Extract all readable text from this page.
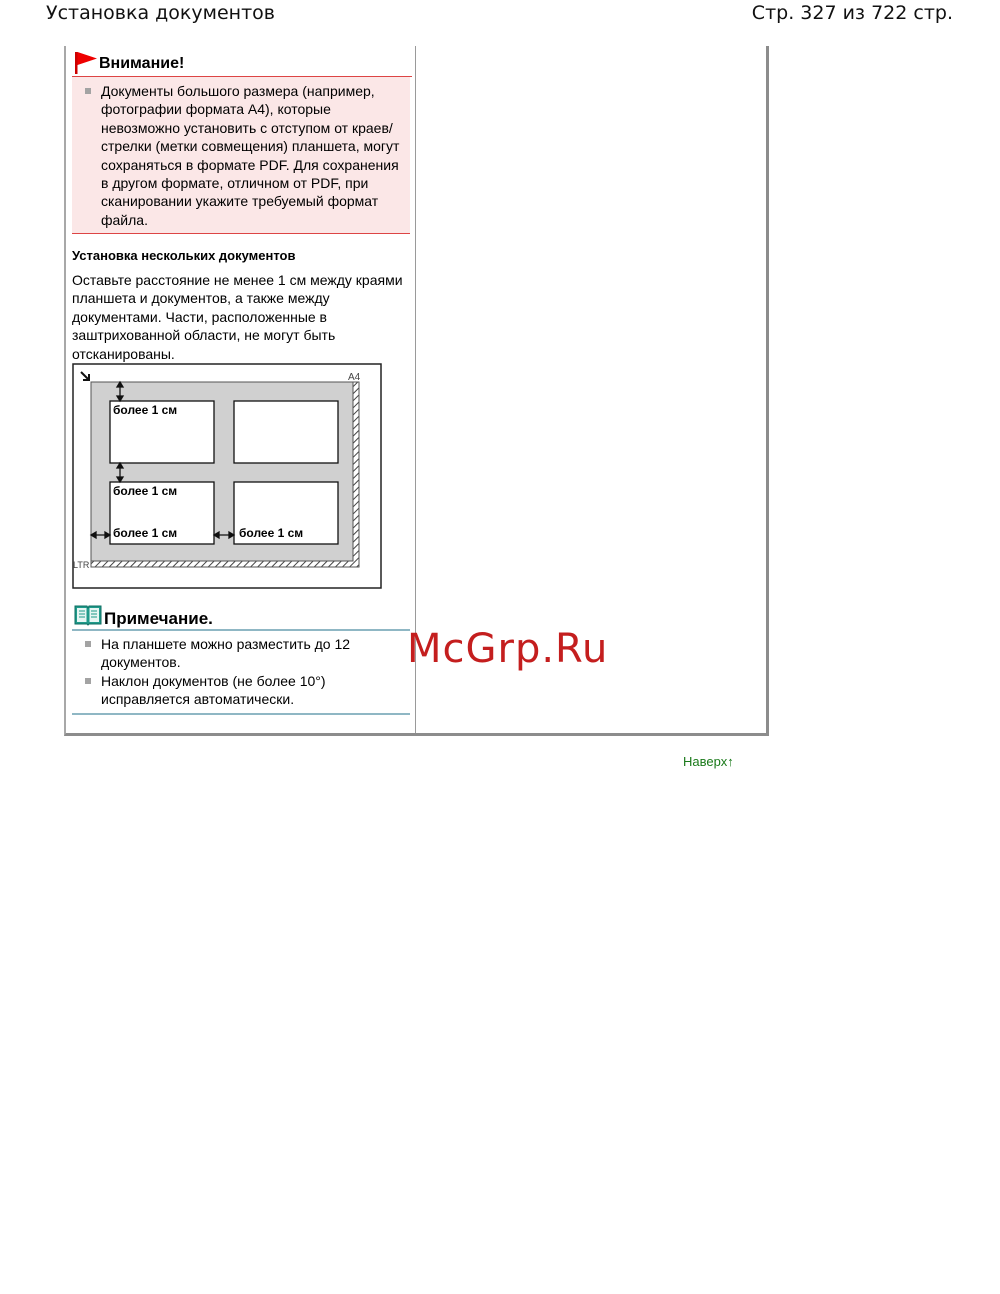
Установка документов	Стр. 327 из 722 стр.
Внимание!
Документы большого размера (например, фотографии формата A4), которые невозможно установить с отступом от краев/стрелки (метки совмещения) планшета, могут сохраняться в формате PDF. Для сохранения в другом формате, отличном от PDF, при сканировании укажите требуемый формат файла.
Установка нескольких документов
Оставьте расстояние не менее 1 см между краями планшета и документов, а также между документами. Части, расположенные в заштрихованной области, не могут быть отсканированы.
более 1 см
более 1 см
более 1 см	более 1 см
A4
LTR
Примечание.
На планшете можно разместить до 12 документов.
Наклон документов (не более 10°) исправляется автоматически.
Наверх↑
McGrp.Ru
